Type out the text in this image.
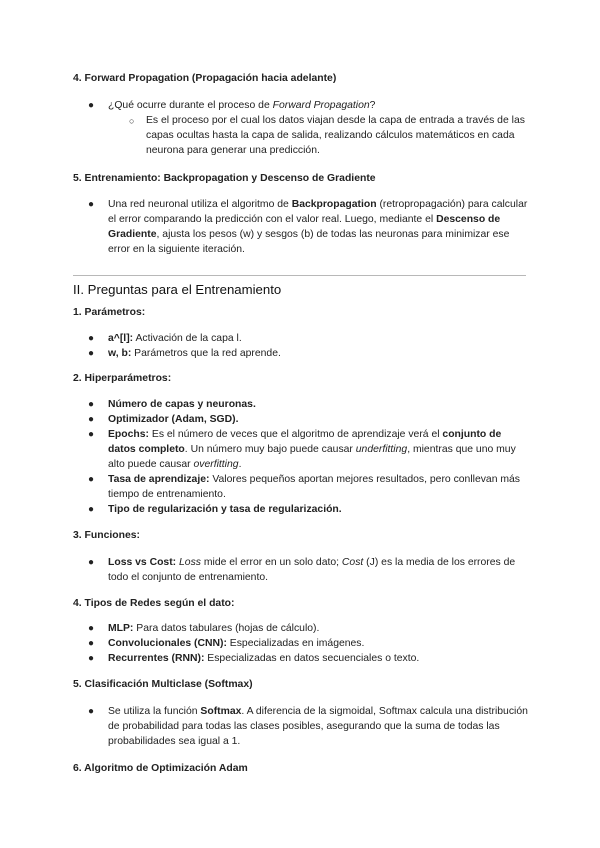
4. Forward Propagation (Propagación hacia adelante)
● ¿Qué ocurre durante el proceso de Forward Propagation?
○ Es el proceso por el cual los datos viajan desde la capa de entrada a través de las capas ocultas hasta la capa de salida, realizando cálculos matemáticos en cada neurona para generar una predicción.
5. Entrenamiento: Backpropagation y Descenso de Gradiente
● Una red neuronal utiliza el algoritmo de Backpropagation (retropropagación) para calcular el error comparando la predicción con el valor real. Luego, mediante el Descenso de Gradiente, ajusta los pesos (w) y sesgos (b) de todas las neuronas para minimizar ese error en la siguiente iteración.
II. Preguntas para el Entrenamiento
1. Parámetros:
● a^[l]: Activación de la capa l.
● w, b: Parámetros que la red aprende.
2. Hiperparámetros:
● Número de capas y neuronas.
● Optimizador (Adam, SGD).
● Epochs: Es el número de veces que el algoritmo de aprendizaje verá el conjunto de datos completo. Un número muy bajo puede causar underfitting, mientras que uno muy alto puede causar overfitting.
● Tasa de aprendizaje: Valores pequeños aportan mejores resultados, pero conllevan más tiempo de entrenamiento.
● Tipo de regularización y tasa de regularización.
3. Funciones:
● Loss vs Cost: Loss mide el error en un solo dato; Cost (J) es la media de los errores de todo el conjunto de entrenamiento.
4. Tipos de Redes según el dato:
● MLP: Para datos tabulares (hojas de cálculo).
● Convolucionales (CNN): Especializadas en imágenes.
● Recurrentes (RNN): Especializadas en datos secuenciales o texto.
5. Clasificación Multiclase (Softmax)
● Se utiliza la función Softmax. A diferencia de la sigmoidal, Softmax calcula una distribución de probabilidad para todas las clases posibles, asegurando que la suma de todas las probabilidades sea igual a 1.
6. Algoritmo de Optimización Adam
